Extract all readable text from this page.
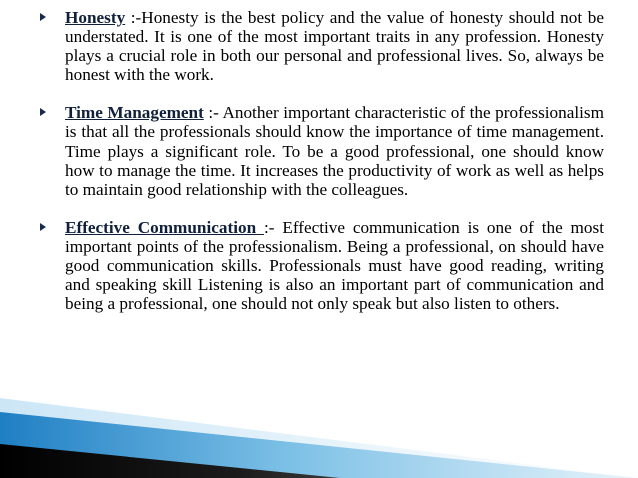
Honesty :-Honesty is the best policy and the value of honesty should not be understated. It is one of the most important traits in any profession. Honesty plays a crucial role in both our personal and professional lives. So, always be honest with the work.
Time Management :- Another important characteristic of the professionalism is that all the professionals should know the importance of time management. Time plays a significant role. To be a good professional, one should know how to manage the time. It increases the productivity of work as well as helps to maintain good relationship with the colleagues.
Effective Communication :- Effective communication is one of the most important points of the professionalism. Being a professional, on should have good communication skills. Professionals must have good reading, writing and speaking skill Listening is also an important part of communication and being a professional, one should not only speak but also listen to others.
